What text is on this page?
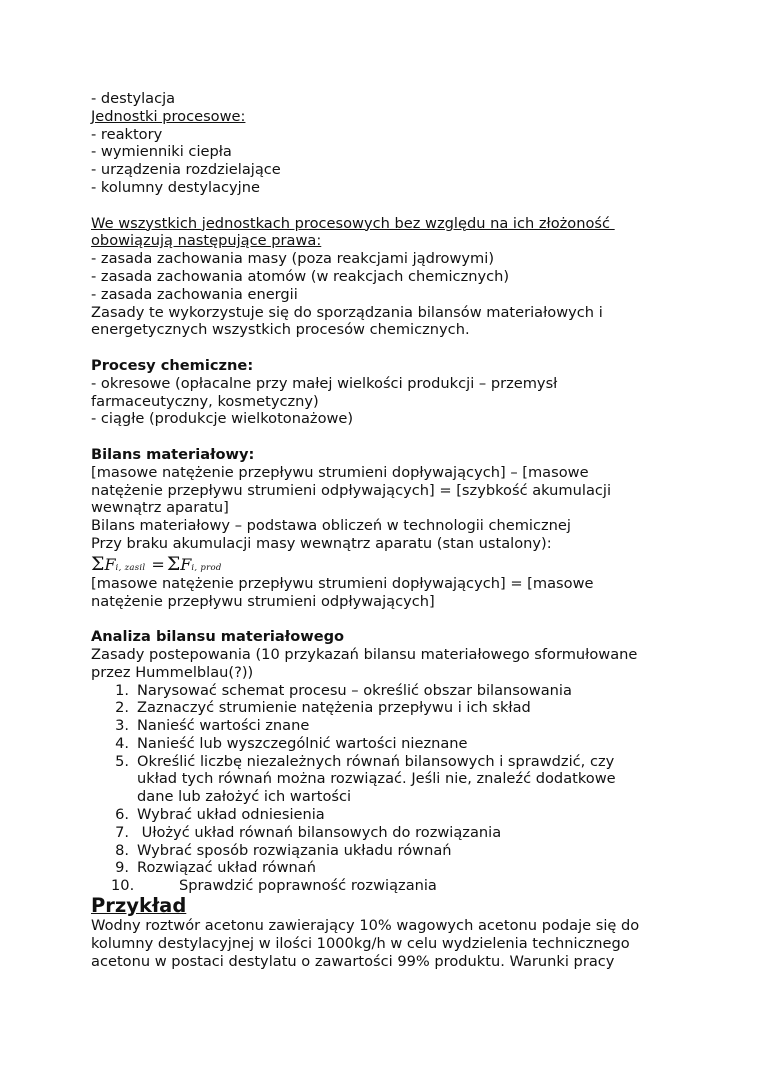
- destylacja
Jednostki procesowe:
- reaktory
- wymienniki ciepła
- urządzenia rozdzielające
- kolumny destylacyjne
We wszystkich jednostkach procesowych bez względu na ich złożoność
obowiązują następujące prawa:
- zasada zachowania masy (poza reakcjami jądrowymi)
- zasada zachowania atomów (w reakcjach chemicznych)
- zasada zachowania energii
Zasady te wykorzystuje się do sporządzania bilansów materiałowych i
energetycznych wszystkich procesów chemicznych.
Procesy chemiczne:
- okresowe (opłacalne przy małej wielkości produkcji – przemysł
farmaceutyczny, kosmetyczny)
- ciągłe (produkcje wielkotonażowe)
Bilans materiałowy:
[masowe natężenie przepływu strumieni dopływających] – [masowe
natężenie przepływu strumieni odpływających] = [szybkość akumulacji
wewnątrz aparatu]
Bilans materiałowy – podstawa obliczeń w technologii chemicznej
Przy braku akumulacji masy wewnątrz aparatu (stan ustalony):
Σ F i, zasil = Σ F i, prod
[masowe natężenie przepływu strumieni dopływających] = [masowe
natężenie przepływu strumieni odpływających]
Analiza bilansu materiałowego
Zasady postepowania (10 przykazań bilansu materiałowego sformułowane
przez Hummelblau(?))
1. Narysować schemat procesu – określić obszar bilansowania
2. Zaznaczyć strumienie natężenia przepływu i ich skład
3. Nanieść wartości znane
4. Nanieść lub wyszczególnić wartości nieznane
5. Określić liczbę niezależnych równań bilansowych i sprawdzić, czy
układ tych równań można rozwiązać. Jeśli nie, znaleźć dodatkowe
dane lub założyć ich wartości
6. Wybrać układ odniesienia
7. Ułożyć układ równań bilansowych do rozwiązania
8. Wybrać sposób rozwiązania układu równań
9. Rozwiązać układ równań
10.	Sprawdzić poprawność rozwiązania
Przykład
Wodny roztwór acetonu zawierający 10% wagowych acetonu podaje się do
kolumny destylacyjnej w ilości 1000kg/h w celu wydzielenia technicznego
acetonu w postaci destylatu o zawartości 99% produktu. Warunki pracy
